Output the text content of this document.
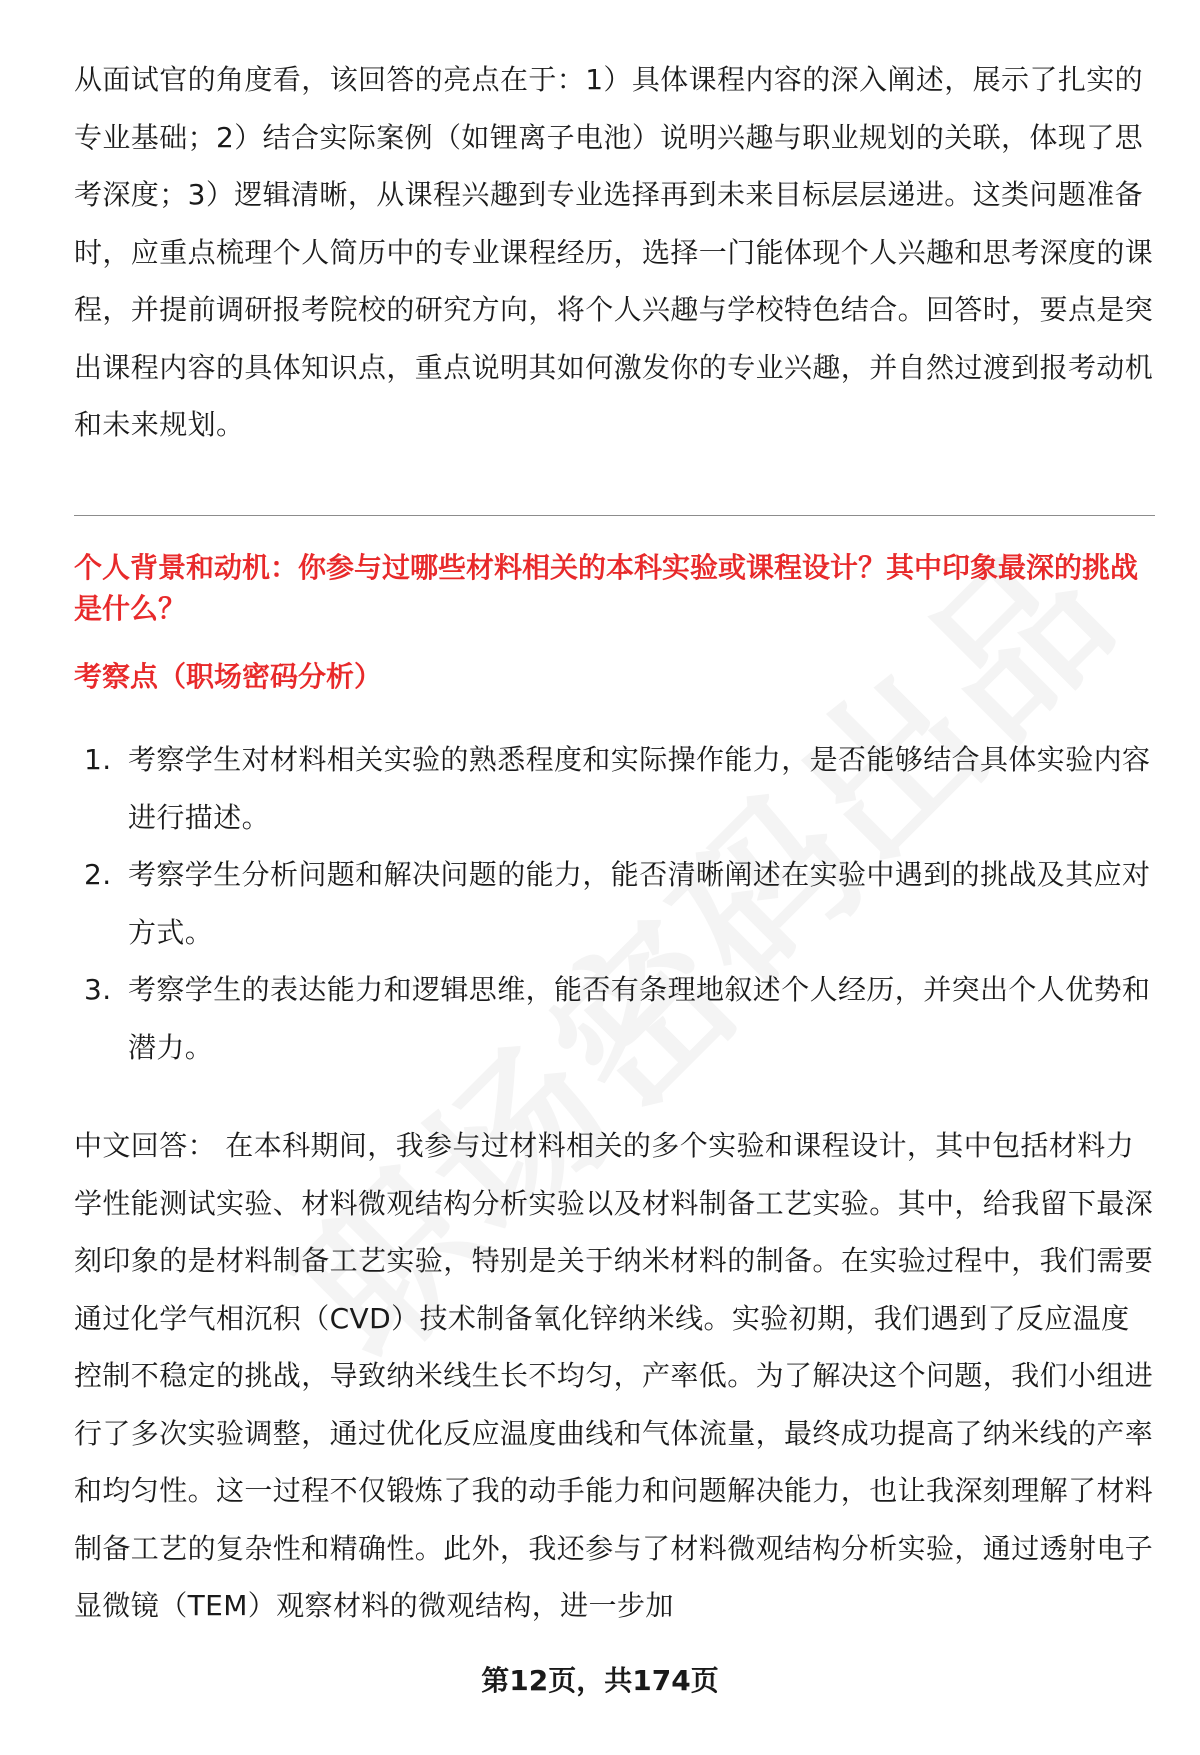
从面试官的角度看，该回答的亮点在于：1）具体课程内容的深入阐述，展示了扎实的专业基础；2）结合实际案例（如锂离子电池）说明兴趣与职业规划的关联，体现了思考深度；3）逻辑清晰，从课程兴趣到专业选择再到未来目标层层递进。这类问题准备时，应重点梳理个人简历中的专业课程经历，选择一门能体现个人兴趣和思考深度的课程，并提前调研报考院校的研究方向，将个人兴趣与学校特色结合。回答时，要点是突出课程内容的具体知识点，重点说明其如何激发你的专业兴趣，并自然过渡到报考动机和未来规划。

个人背景和动机：你参与过哪些材料相关的本科实验或课程设计？其中印象最深的挑战是什么？

考察点（职场密码分析）

1. 考察学生对材料相关实验的熟悉程度和实际操作能力，是否能够结合具体实验内容进行描述。
2. 考察学生分析问题和解决问题的能力，能否清晰阐述在实验中遇到的挑战及其应对方式。
3. 考察学生的表达能力和逻辑思维，能否有条理地叙述个人经历，并突出个人优势和潜力。

中文回答： 在本科期间，我参与过材料相关的多个实验和课程设计，其中包括材料力学性能测试实验、材料微观结构分析实验以及材料制备工艺实验。其中，给我留下最深刻印象的是材料制备工艺实验，特别是关于纳米材料的制备。在实验过程中，我们需要通过化学气相沉积（CVD）技术制备氧化锌纳米线。实验初期，我们遇到了反应温度控制不稳定的挑战，导致纳米线生长不均匀，产率低。为了解决这个问题，我们小组进行了多次实验调整，通过优化反应温度曲线和气体流量，最终成功提高了纳米线的产率和均匀性。这一过程不仅锻炼了我的动手能力和问题解决能力，也让我深刻理解了材料制备工艺的复杂性和精确性。此外，我还参与了材料微观结构分析实验，通过透射电子显微镜（TEM）观察材料的微观结构，进一步加

第12页，共174页
